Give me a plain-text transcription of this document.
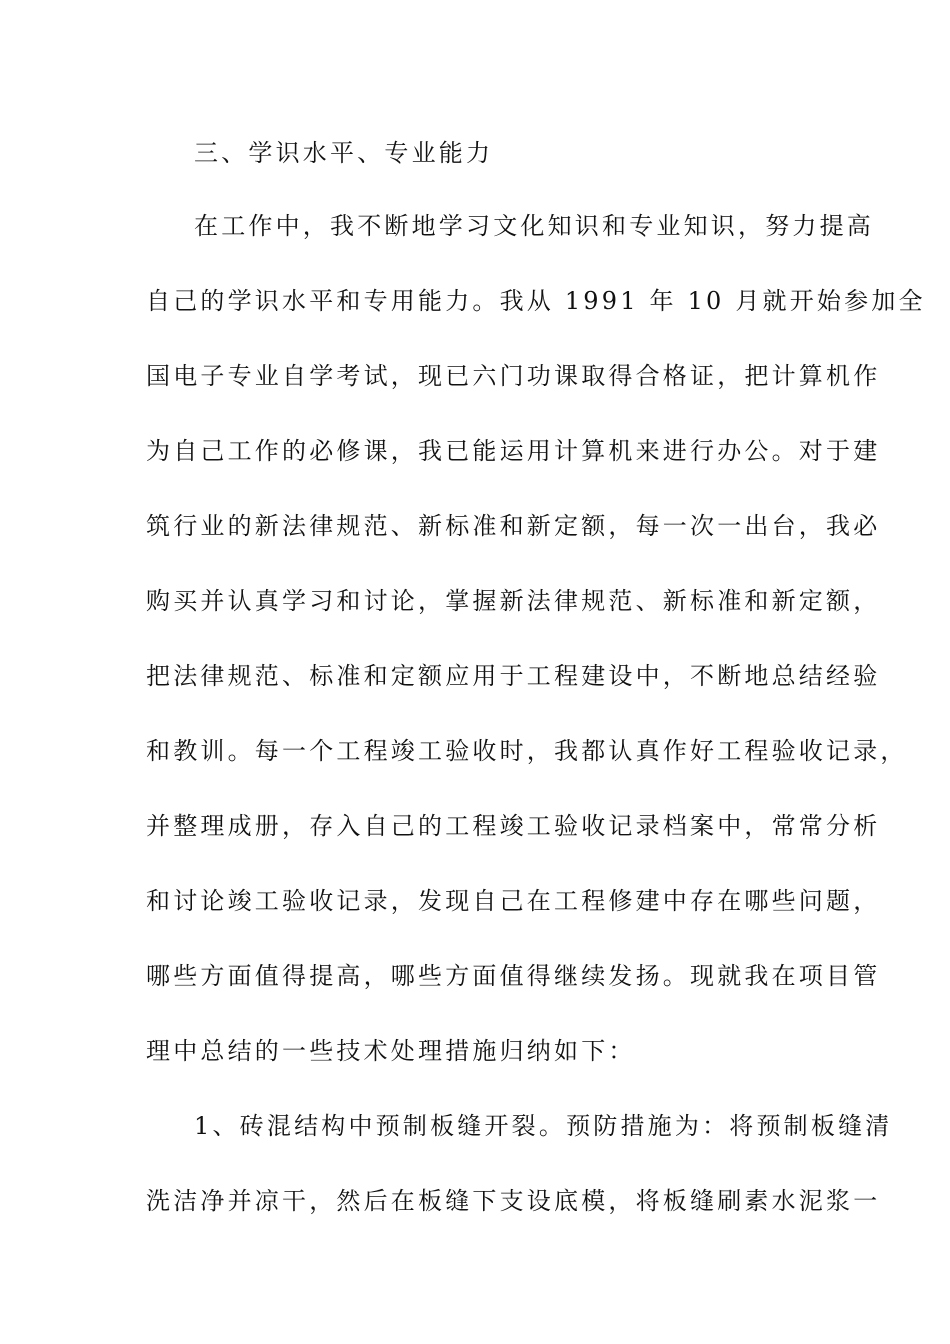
三、学识水平、专业能力
在工作中，我不断地学习文化知识和专业知识，努力提高
自己的学识水平和专用能力。我从 1991 年 10 月就开始参加全
国电子专业自学考试，现已六门功课取得合格证，把计算机作
为自己工作的必修课，我已能运用计算机来进行办公。对于建
筑行业的新法律规范、新标准和新定额，每一次一出台，我必
购买并认真学习和讨论，掌握新法律规范、新标准和新定额，
把法律规范、标准和定额应用于工程建设中，不断地总结经验
和教训。每一个工程竣工验收时，我都认真作好工程验收记录，
并整理成册，存入自己的工程竣工验收记录档案中，常常分析
和讨论竣工验收记录，发现自己在工程修建中存在哪些问题，
哪些方面值得提高，哪些方面值得继续发扬。现就我在项目管
理中总结的一些技术处理措施归纳如下：
1、砖混结构中预制板缝开裂。预防措施为：将预制板缝清
洗洁净并凉干，然后在板缝下支设底模，将板缝刷素水泥浆一
